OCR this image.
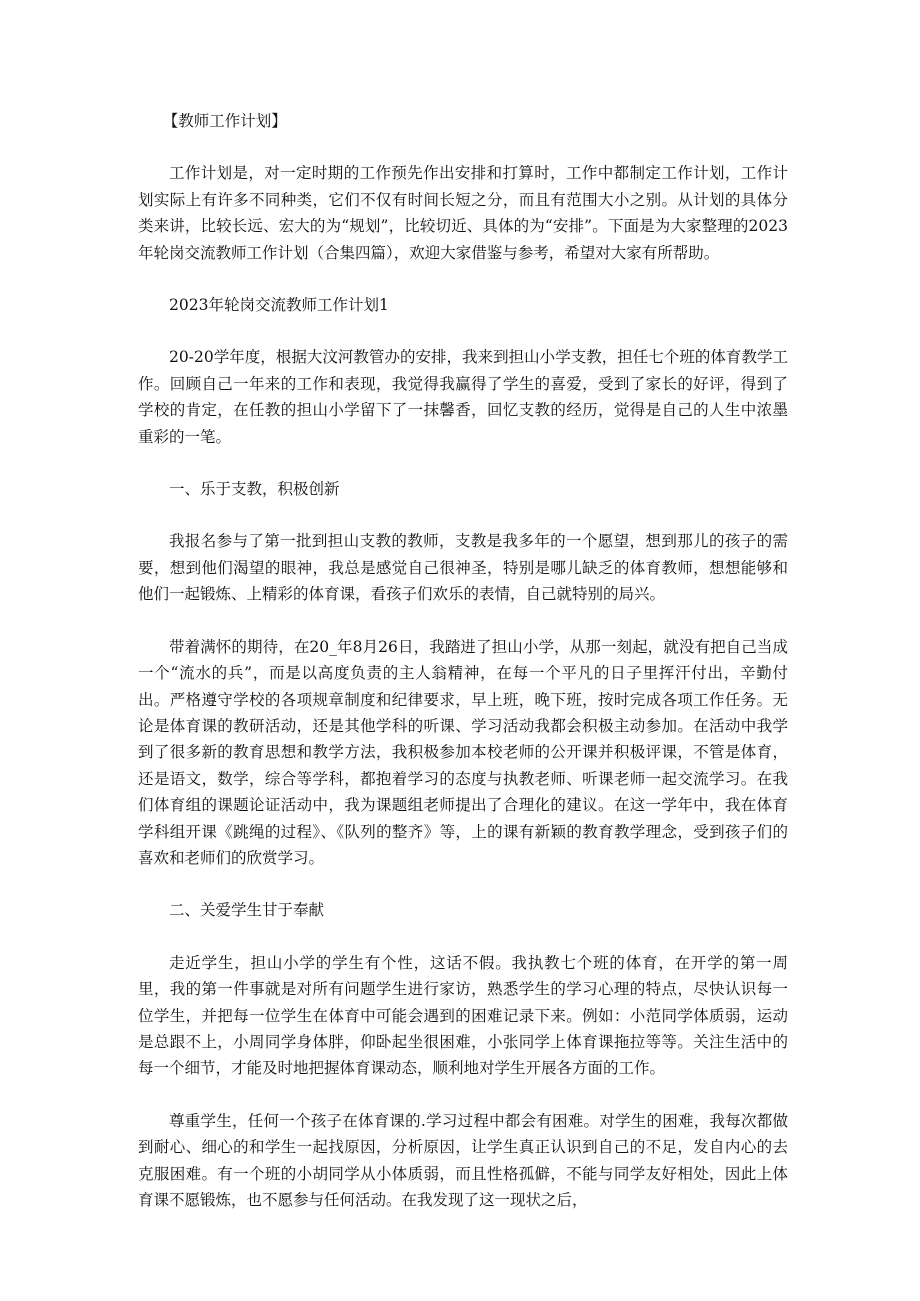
【教师工作计划】

工作计划是，对一定时期的工作预先作出安排和打算时，工作中都制定工作计划，工作计划实际上有许多不同种类，它们不仅有时间长短之分，而且有范围大小之别。从计划的具体分类来讲，比较长远、宏大的为“规划”，比较切近、具体的为“安排”。下面是为大家整理的2023年轮岗交流教师工作计划（合集四篇），欢迎大家借鉴与参考，希望对大家有所帮助。

2023年轮岗交流教师工作计划1

20-20学年度，根据大汶河教管办的安排，我来到担山小学支教，担任七个班的体育教学工作。回顾自己一年来的工作和表现，我觉得我赢得了学生的喜爱，受到了家长的好评，得到了学校的肯定，在任教的担山小学留下了一抹馨香，回忆支教的经历，觉得是自己的人生中浓墨重彩的一笔。

一、乐于支教，积极创新

我报名参与了第一批到担山支教的教师，支教是我多年的一个愿望，想到那儿的孩子的需要，想到他们渴望的眼神，我总是感觉自己很神圣，特别是哪儿缺乏的体育教师，想想能够和他们一起锻炼、上精彩的体育课，看孩子们欢乐的表情，自己就特别的局兴。

带着满怀的期待，在20_年8月26日，我踏进了担山小学，从那一刻起，就没有把自己当成一个“流水的兵”，而是以高度负责的主人翁精神，在每一个平凡的日子里挥汗付出，辛勤付出。严格遵守学校的各项规章制度和纪律要求，早上班，晚下班，按时完成各项工作任务。无论是体育课的教研活动，还是其他学科的听课、学习活动我都会积极主动参加。在活动中我学到了很多新的教育思想和教学方法，我积极参加本校老师的公开课并积极评课，不管是体育，还是语文，数学，综合等学科，都抱着学习的态度与执教老师、听课老师一起交流学习。在我们体育组的课题论证活动中，我为课题组老师提出了合理化的建议。在这一学年中，我在体育学科组开课《跳绳的过程》、《队列的整齐》等，上的课有新颖的教育教学理念，受到孩子们的喜欢和老师们的欣赏学习。

二、关爱学生甘于奉献

走近学生，担山小学的学生有个性，这话不假。我执教七个班的体育，在开学的第一周里，我的第一件事就是对所有问题学生进行家访，熟悉学生的学习心理的特点，尽快认识每一位学生，并把每一位学生在体育中可能会遇到的困难记录下来。例如：小范同学体质弱，运动是总跟不上，小周同学身体胖，仰卧起坐很困难，小张同学上体育课拖拉等等。关注生活中的每一个细节，才能及时地把握体育课动态，顺利地对学生开展各方面的工作。

尊重学生，任何一个孩子在体育课的.学习过程中都会有困难。对学生的困难，我每次都做到耐心、细心的和学生一起找原因，分析原因，让学生真正认识到自己的不足，发自内心的去克服困难。有一个班的小胡同学从小体质弱，而且性格孤僻，不能与同学友好相处，因此上体育课不愿锻炼，也不愿参与任何活动。在我发现了这一现状之后，
